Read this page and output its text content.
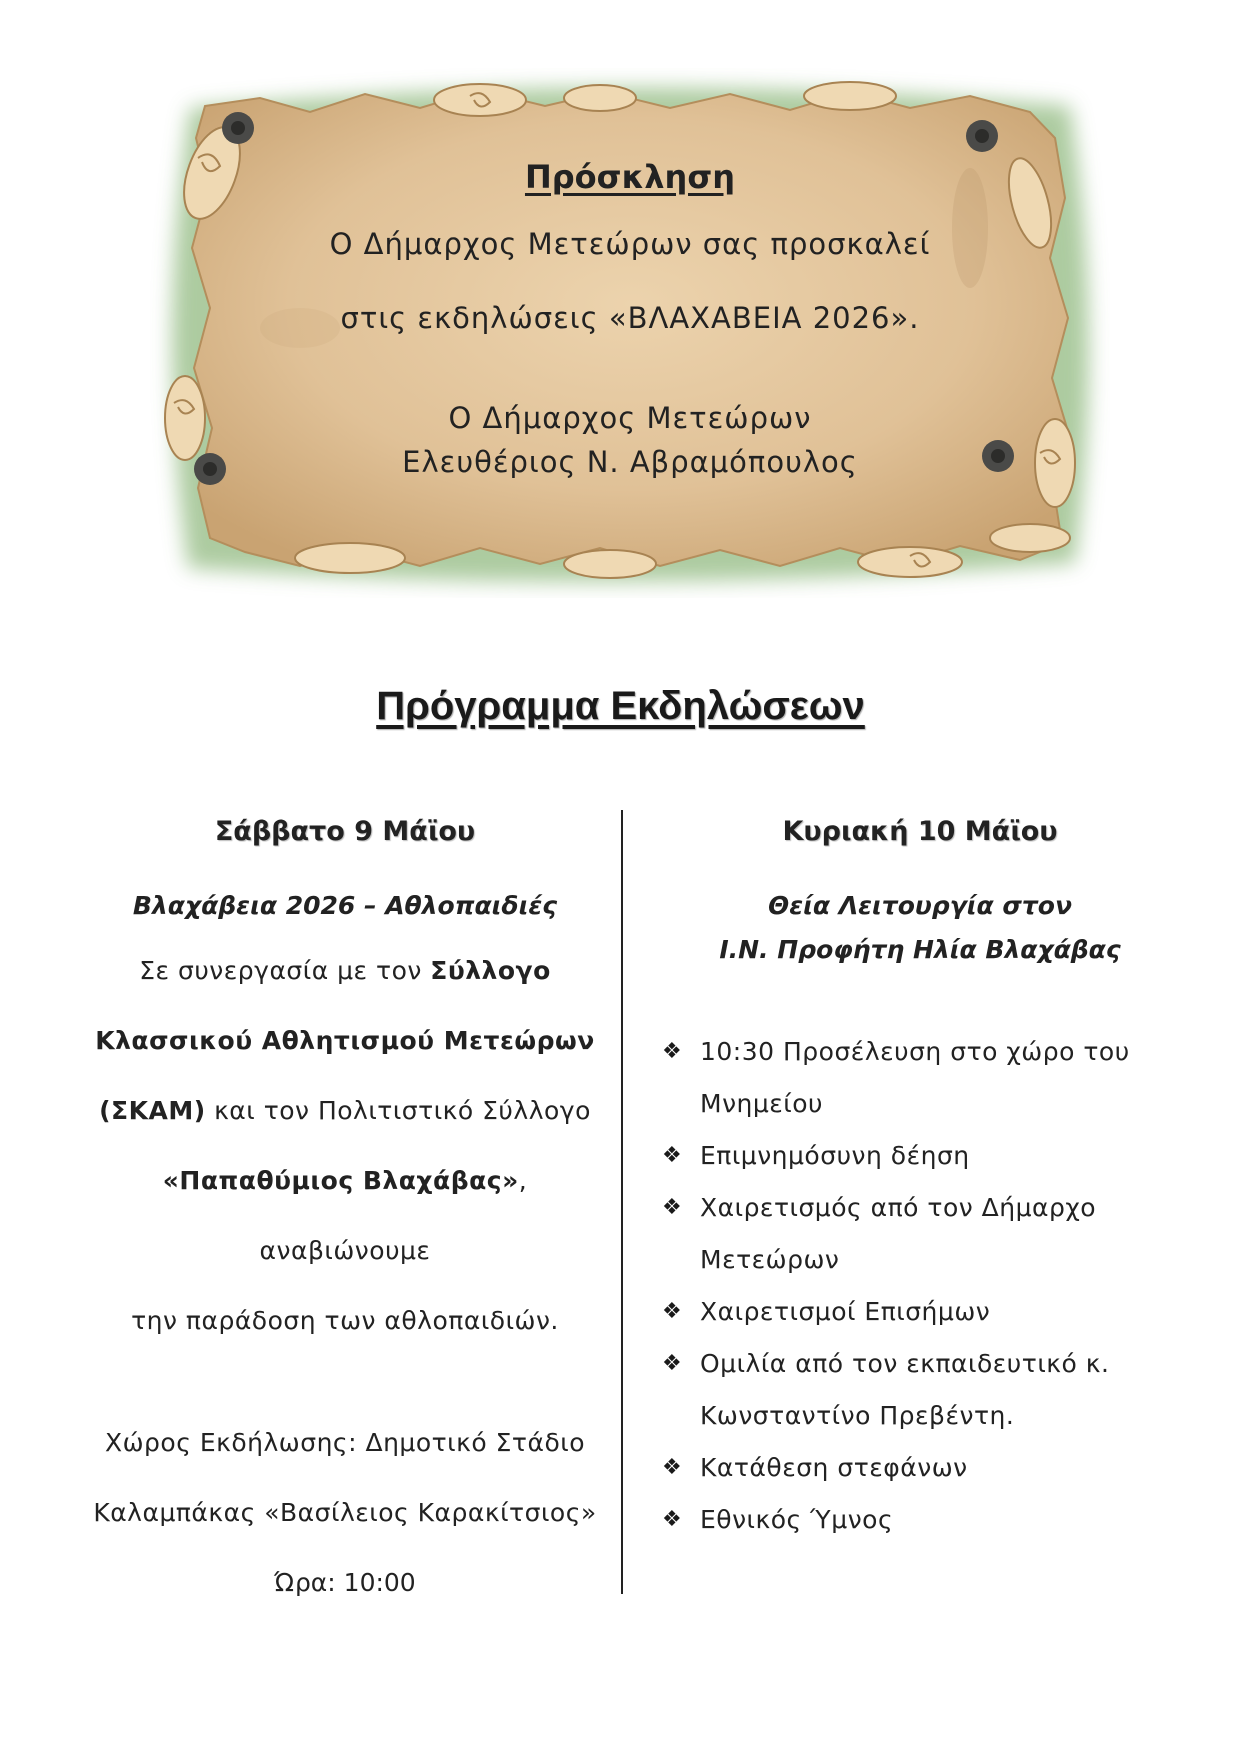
Πρόσκληση

Ο Δήμαρχος Μετεώρων σας προσκαλεί

στις εκδηλώσεις «ΒΛΑΧΑΒΕΙΑ 2026».

Ο Δήμαρχος Μετεώρων

Ελευθέριος Ν. Αβραμόπουλος

Πρόγραμμα Εκδηλώσεων

Σάββατο 9 Μάϊου

Βλαχάβεια 2026 – Αθλοπαιδιές

Σε συνεργασία με τον Σύλλογο
Κλασσικού Αθλητισμού Μετεώρων
(ΣΚΑΜ) και τον Πολιτιστικό Σύλλογο
«Παπαθύμιος Βλαχάβας», αναβιώνουμε
την παράδοση των αθλοπαιδιών.

Χώρος Εκδήλωσης: Δημοτικό Στάδιο
Καλαμπάκας «Βασίλειος Καρακίτσιος»

Ώρα: 10:00

Κυριακή 10 Μάϊου

Θεία Λειτουργία στον

Ι.Ν. Προφήτη Ηλία Βλαχάβας

❖ 10:30 Προσέλευση στο χώρο του
Μνημείου
❖ Επιμνημόσυνη δέηση
❖ Χαιρετισμός από τον Δήμαρχο
Μετεώρων
❖ Χαιρετισμοί Επισήμων
❖ Ομιλία από τον εκπαιδευτικό κ.
Κωνσταντίνο Πρεβέντη.
❖ Κατάθεση στεφάνων
❖ Εθνικός Ύμνος
